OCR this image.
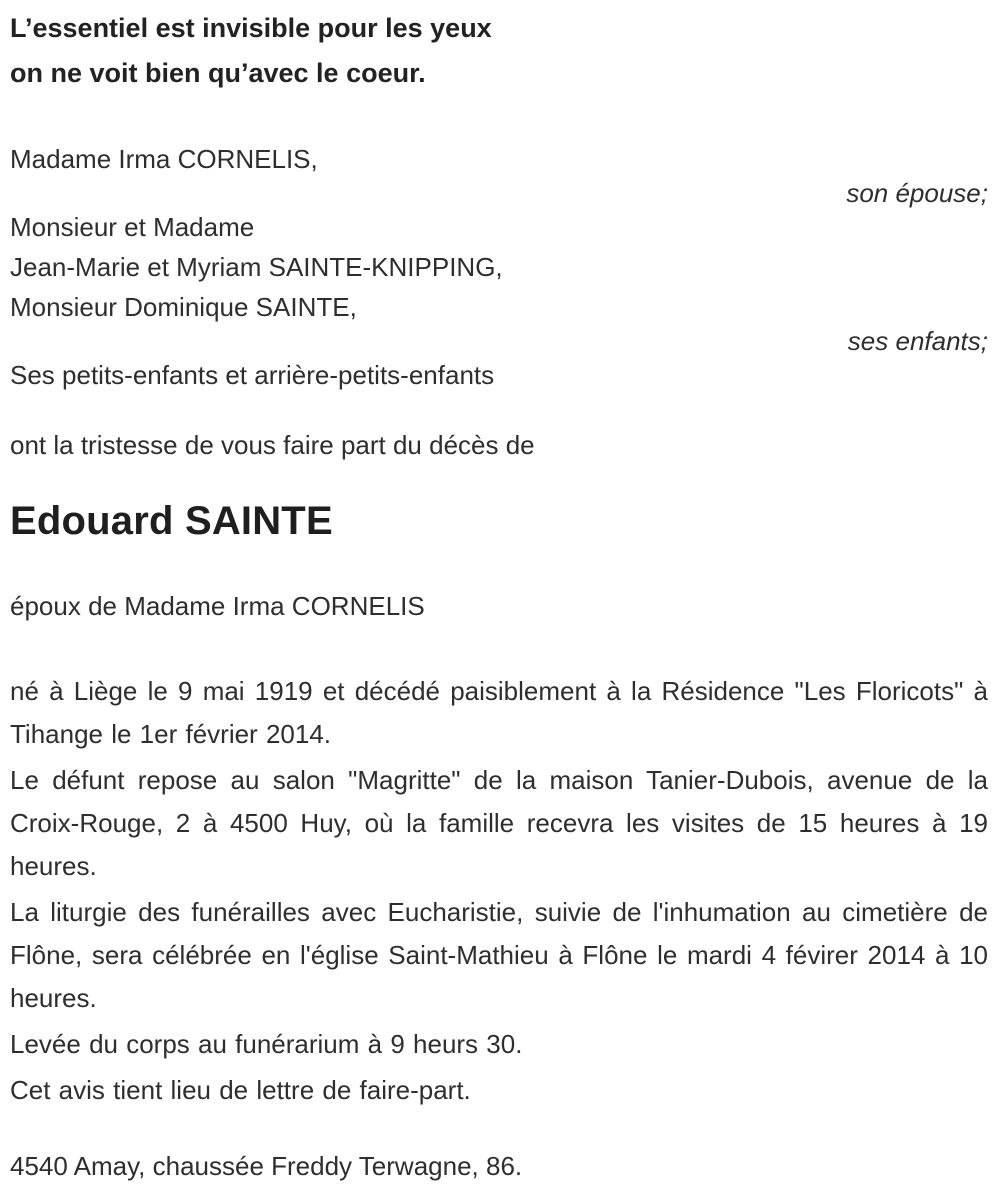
L’essentiel est invisible pour les yeux

on ne voit bien qu’avec le coeur.

Madame Irma CORNELIS,

son épouse;

Monsieur et Madame

Jean-Marie et Myriam SAINTE-KNIPPING,

Monsieur Dominique SAINTE,

ses enfants;

Ses petits-enfants et arrière-petits-enfants

ont la tristesse de vous faire part du décès de

Edouard SAINTE

époux de Madame Irma CORNELIS

né à Liège le 9 mai 1919 et décédé paisiblement à la Résidence "Les Floricots" à Tihange le 1er février 2014.

Le défunt repose au salon "Magritte" de la maison Tanier-Dubois, avenue de la Croix-Rouge, 2 à 4500 Huy, où la famille recevra les visites de 15 heures à 19 heures.

La liturgie des funérailles avec Eucharistie, suivie de l'inhumation au cimetière de Flône, sera célébrée en l'église Saint-Mathieu à Flône le mardi 4 févirer 2014 à 10 heures.

Levée du corps au funérarium à 9 heurs 30.

Cet avis tient lieu de lettre de faire-part.

4540 Amay, chaussée Freddy Terwagne, 86.
